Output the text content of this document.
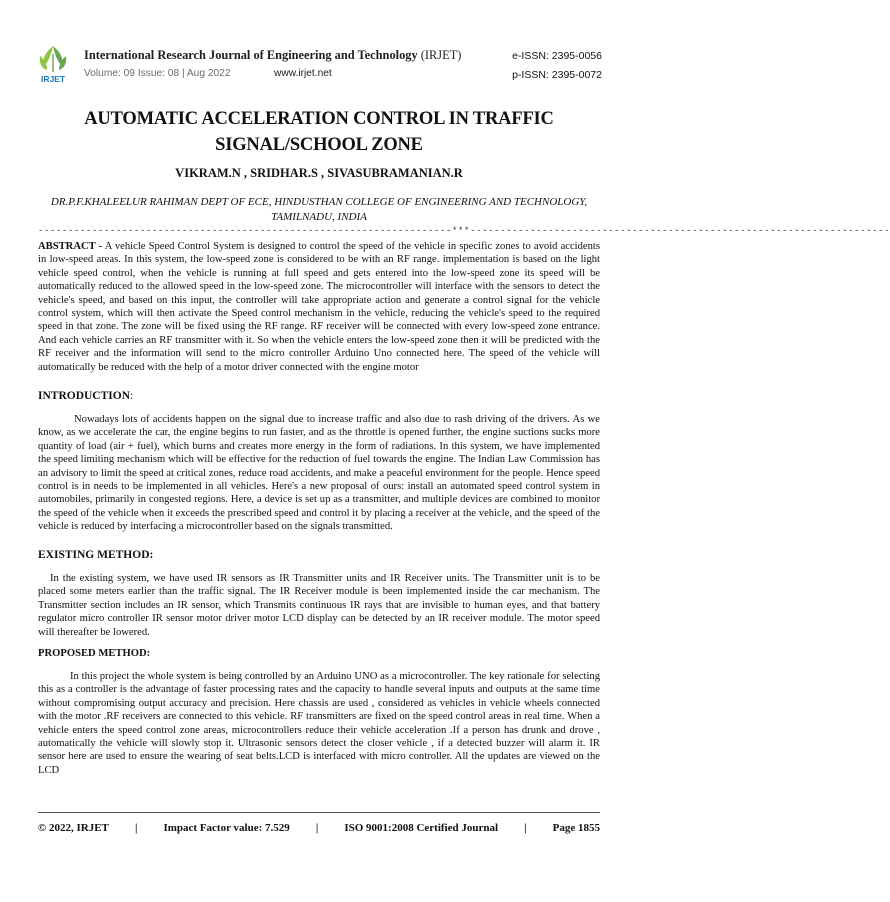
IRJET
International Research Journal of Engineering and Technology (IRJET)	e-ISSN: 2395-0056
Volume: 09 Issue: 08 | Aug 2022	www.irjet.net	p-ISSN: 2395-0072
AUTOMATIC ACCELERATION CONTROL IN TRAFFIC SIGNAL/SCHOOL ZONE
VIKRAM.N , SRIDHAR.S , SIVASUBRAMANIAN.R
DR.P.F.KHALEELUR RAHIMAN DEPT OF ECE, HINDUSTHAN COLLEGE OF ENGINEERING AND TECHNOLOGY, TAMILNADU, INDIA
---------------------------------------------------------------------***----------------------------------------------------------------------
ABSTRACT - A vehicle Speed Control System is designed to control the speed of the vehicle in specific zones to avoid accidents in low-speed areas. In this system, the low-speed zone is considered to be with an RF range. implementation is based on the light vehicle speed control, when the vehicle is running at full speed and gets entered into the low-speed zone its speed will be automatically reduced to the allowed speed in the low-speed zone. The microcontroller will interface with the sensors to detect the vehicle's speed, and based on this input, the controller will take appropriate action and generate a control signal for the vehicle control system, which will then activate the Speed control mechanism in the vehicle, reducing the vehicle's speed to the required speed in that zone. The zone will be fixed using the RF range. RF receiver will be connected with every low-speed zone entrance. And each vehicle carries an RF transmitter with it. So when the vehicle enters the low-speed zone then it will be predicted with the RF receiver and the information will send to the micro controller Arduino Uno connected here. The speed of the vehicle will automatically be reduced with the help of a motor driver connected with the engine motor
INTRODUCTION:
Nowadays lots of accidents happen on the signal due to increase traffic and also due to rash driving of the drivers. As we know, as we accelerate the car, the engine begins to run faster, and as the throttle is opened further, the engine suctions sucks more quantity of load (air + fuel), which burns and creates more energy in the form of radiations. In this system, we have implemented the speed limiting mechanism which will be effective for the reduction of fuel towards the engine. The Indian Law Commission has an advisory to limit the speed at critical zones, reduce road accidents, and make a peaceful environment for the people. Hence speed control is in needs to be implemented in all vehicles. Here's a new proposal of ours: install an automated speed control system in automobiles, primarily in congested regions. Here, a device is set up as a transmitter, and multiple devices are combined to monitor the speed of the vehicle when it exceeds the prescribed speed and control it by placing a receiver at the vehicle, and the speed of the vehicle is reduced by interfacing a microcontroller based on the signals transmitted.
EXISTING METHOD:
In the existing system, we have used IR sensors as IR Transmitter units and IR Receiver units. The Transmitter unit is to be placed some meters earlier than the traffic signal. The IR Receiver module is been implemented inside the car mechanism. The Transmitter section includes an IR sensor, which Transmits continuous IR rays that are invisible to human eyes, and that battery regulator micro controller IR sensor motor driver motor LCD display can be detected by an IR receiver module. The motor speed will thereafter be lowered.
PROPOSED METHOD:
In this project the whole system is being controlled by an Arduino UNO as a microcontroller. The key rationale for selecting this as a controller is the advantage of faster processing rates and the capacity to handle several inputs and outputs at the same time without compromising output accuracy and precision. Here chassis are used , considered as vehicles in vehicle wheels connected with the motor .RF receivers are connected to this vehicle. RF transmitters are fixed on the speed control areas in real time. When a vehicle enters the speed control zone areas, microcontrollers reduce their vehicle acceleration .If a person has drunk and drove , automatically the vehicle will slowly stop it. Ultrasonic sensors detect the closer vehicle , if a detected buzzer will alarm it. IR sensor here are used to ensure the wearing of seat belts.LCD is interfaced with micro controller. All the updates are viewed on the LCD
© 2022, IRJET | Impact Factor value: 7.529 | ISO 9001:2008 Certified Journal | Page 1855
